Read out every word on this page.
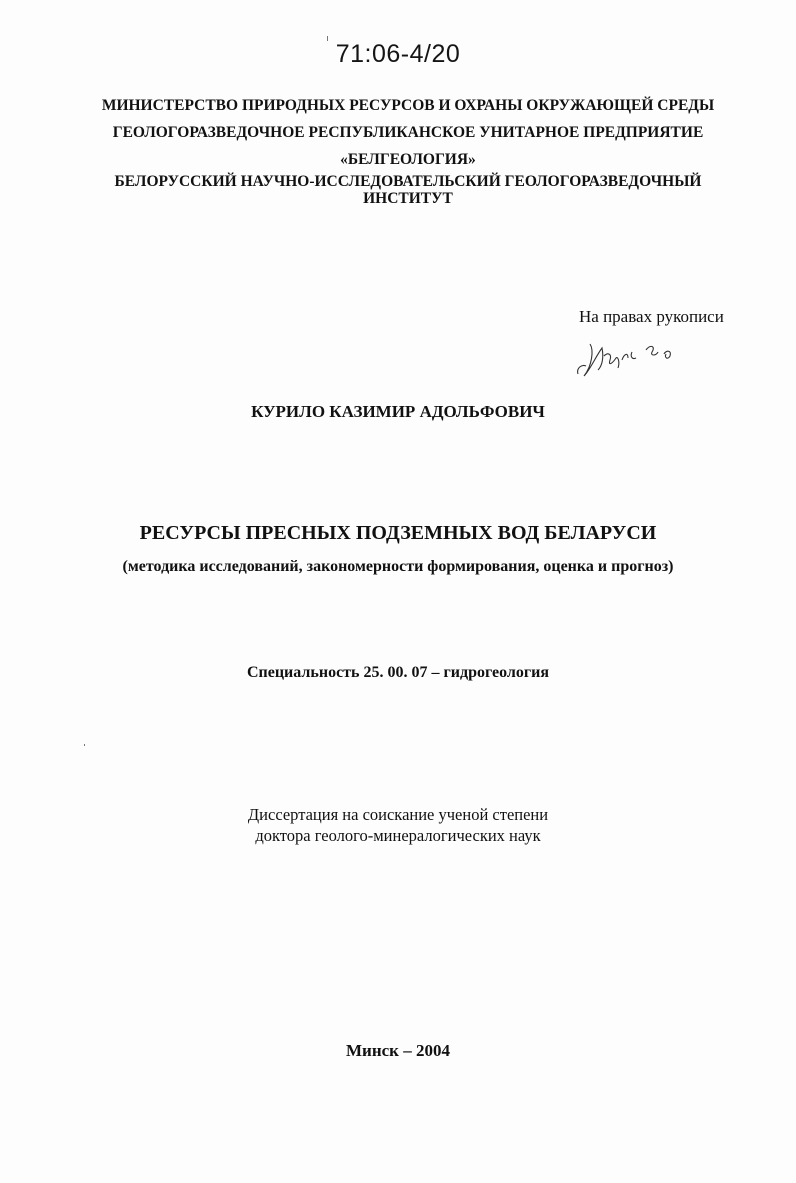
71:06-4/20
МИНИСТЕРСТВО ПРИРОДНЫХ РЕСУРСОВ И ОХРАНЫ ОКРУЖАЮЩЕЙ СРЕДЫ
ГЕОЛОГОРАЗВЕДОЧНОЕ РЕСПУБЛИКАНСКОЕ УНИТАРНОЕ ПРЕДПРИЯТИЕ
«БЕЛГЕОЛОГИЯ»
БЕЛОРУССКИЙ НАУЧНО-ИССЛЕДОВАТЕЛЬСКИЙ ГЕОЛОГОРАЗВЕДОЧНЫЙ
ИНСТИТУТ
На правах рукописи
КУРИЛО КАЗИМИР АДОЛЬФОВИЧ
РЕСУРСЫ ПРЕСНЫХ ПОДЗЕМНЫХ ВОД БЕЛАРУСИ
(методика исследований, закономерности формирования, оценка и прогноз)
Специальность 25. 00. 07 – гидрогеология
Диссертация на соискание ученой степени
доктора геолого-минералогических наук
Минск – 2004
